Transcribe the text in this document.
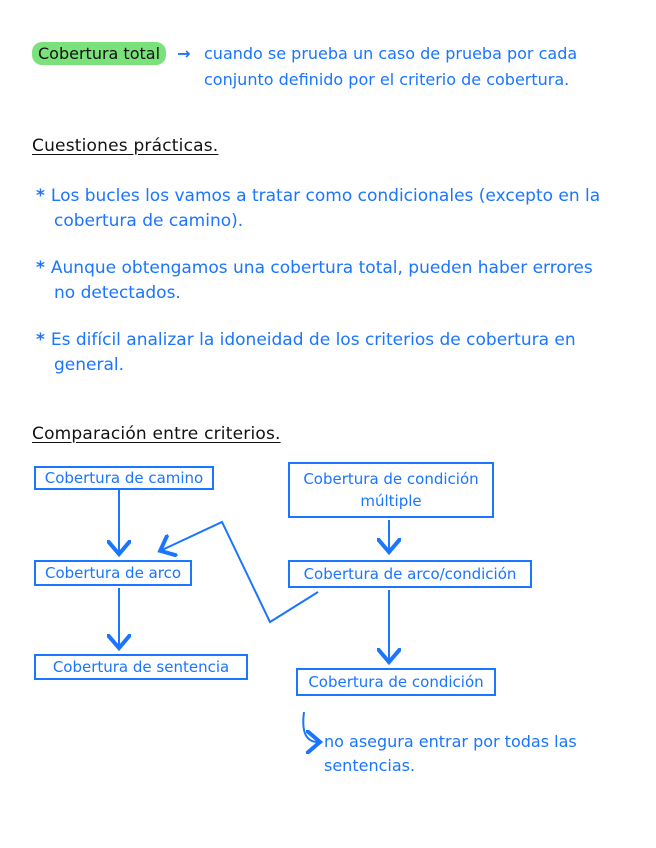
Cobertura total → cuando se prueba un caso de prueba por cada
conjunto definido por el criterio de cobertura.
Cuestiones prácticas.
* Los bucles los vamos a tratar como condicionales (excepto en la
cobertura de camino).
* Aunque obtengamos una cobertura total, pueden haber errores
no detectados.
* Es difícil analizar la idoneidad de los criterios de cobertura en
general.
Comparación entre criterios.
Cobertura de camino	Cobertura de condición
múltiple
Cobertura de arco	Cobertura de arco/condición
Cobertura de sentencia
Cobertura de condición
no asegura entrar por todas las
sentencias.
